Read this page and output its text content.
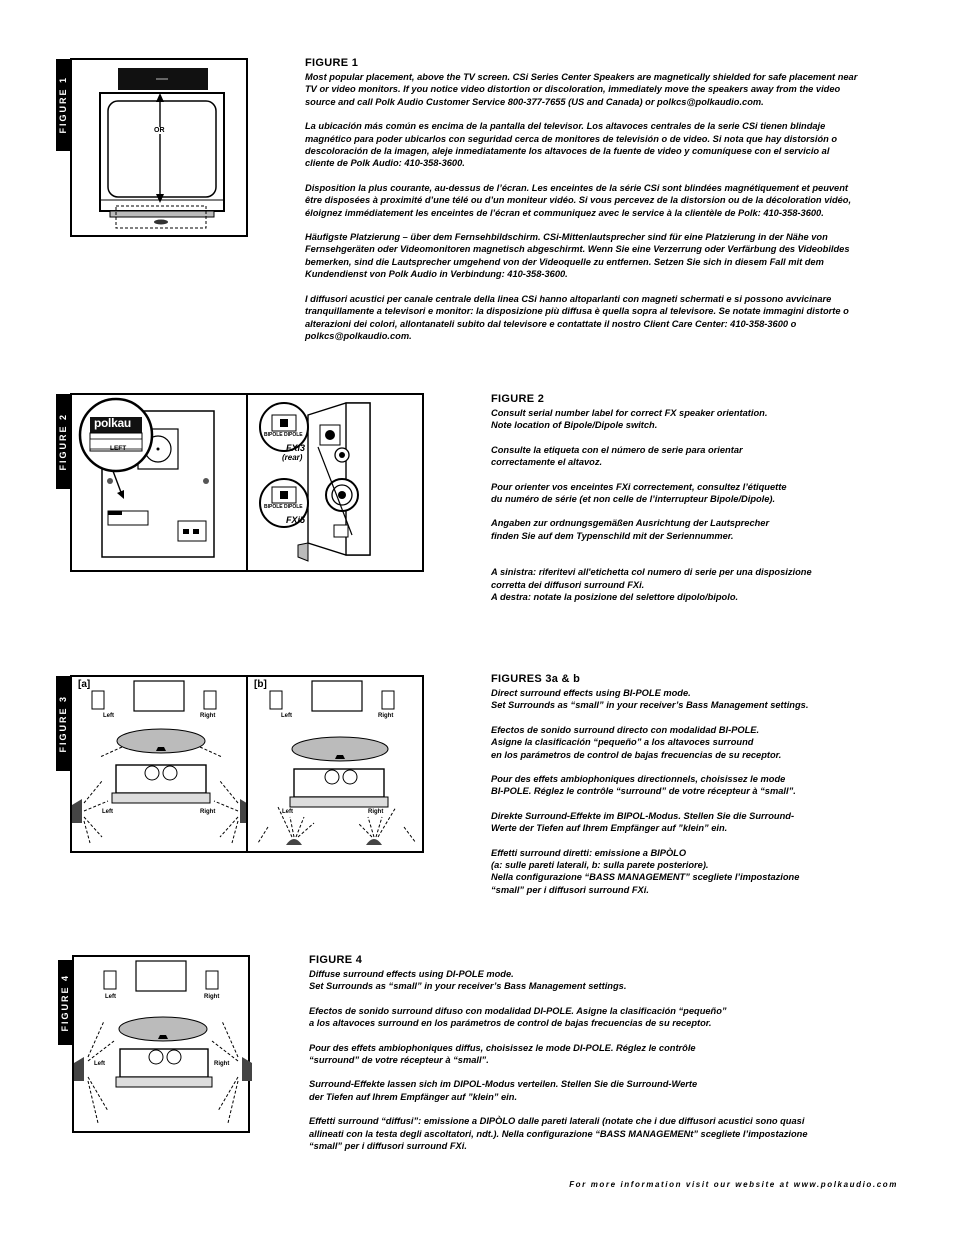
FIGURE 1	OR
FIGURE 1

Most popular placement, above the TV screen. CSi Series Center Speakers are magnetically shielded for safe placement near TV or video monitors. If you notice video distortion or discoloration, immediately move the speakers away from the video source and call Polk Audio Customer Service 800-377-7655 (US and Canada) or polkcs@polkaudio.com.

La ubicación más común es encima de la pantalla del televisor. Los altavoces centrales de la serie CSi tienen blindaje magnético para poder ubicarlos con seguridad cerca de monitores de televisión o de video. Si nota que hay distorsión o descoloración de la imagen, aleje inmediatamente los altavoces de la fuente de video y comuníquese con el servicio al cliente de Polk Audio: 410-358-3600.

Disposition la plus courante, au-dessus de l’écran. Les enceintes de la série CSi sont blindées magnétiquement et peuvent être disposées à proximité d’une télé ou d’un moniteur vidéo. Si vous percevez de la distorsion ou de la décoloration vidéo, éloignez immédiatement les enceintes de l’écran et communiquez avec le service à la clientèle de Polk: 410-358-3600.

Häufigste Platzierung – über dem Fernsehbildschirm. CSi-Mittenlautsprecher sind für eine Platzierung in der Nähe von Fernsehgeräten oder Videomonitoren magnetisch abgeschirmt. Wenn Sie eine Verzerrung oder Verfärbung des Videobildes bemerken, sind die Lautsprecher umgehend von der Videoquelle zu entfernen. Setzen Sie sich in diesem Fall mit dem Kundendienst von Polk Audio in Verbindung: 410-358-3600.

I diffusori acustici per canale centrale della linea CSi hanno altoparlanti con magneti schermati e si possono avvicinare tranquillamente a televisori e monitor: la disposizione più diffusa è quella sopra al televisore. Se notate immagini distorte o alterazioni dei colori, allontanateli subito dal televisore e contattate il nostro Client Care Center: 410-358-3600 o polkcs@polkaudio.com.

FIGURE 2 polkau
LEFT
BIPOLE DIPOLE
BIPOLE DIPOLE
FXi3
(rear)
FXi5
FIGURE 2

Consult serial number label for correct FX speaker orientation.
Note location of Bipole/Dipole switch.

Consulte la etiqueta con el número de serie para orientar
correctamente el altavoz.

Pour orienter vos enceintes FXi correctement, consultez l’étiquette
du numéro de série (et non celle de l’interrupteur Bipole/Dipole).

Angaben zur ordnungsgemäßen Ausrichtung der Lautsprecher
finden Sie auf dem Typenschild mit der Seriennummer.

A sinistra: riferitevi all'etichetta col numero di serie per una disposizione
corretta dei diffusori surround FXi.
A destra: notate la posizione del selettore dipolo/bipolo.

FIGURE 3
[a]
Left	Right
Left	Right
[b]
Left	Right
Left	Right
FIGURES 3a & b

Direct surround effects using BI-POLE mode.
Set Surrounds as “small” in your receiver’s Bass Management settings.

Efectos de sonido surround directo con modalidad BI-POLE.
Asigne la clasificación “pequeño” a los altavoces surround
en los parámetros de control de bajas frecuencias de su receptor.

Pour des effets ambiophoniques directionnels, choisissez le mode
BI-POLE. Réglez le contrôle “surround” de votre récepteur à “small”.

Direkte Surround-Effekte im BIPOL-Modus. Stellen Sie die Surround-
Werte der Tiefen auf Ihrem Empfänger auf ”klein” ein.

Effetti surround diretti: emissione a BIPÒLO
(a: sulle pareti laterali, b: sulla parete posteriore).
Nella configurazione “BASS MANAGEMENT” scegliete l’impostazione
“small” per i diffusori surround FXi.

FIGURE 4	Left	Right
Left	Right
FIGURE 4

Diffuse surround effects using DI-POLE mode.
Set Surrounds as “small” in your receiver’s Bass Management settings.

Efectos de sonido surround difuso con modalidad DI-POLE. Asigne la clasificación “pequeño”
a los altavoces surround en los parámetros de control de bajas frecuencias de su receptor.

Pour des effets ambiophoniques diffus, choisissez le mode DI-POLE. Réglez le contrôle
“surround” de votre récepteur à “small”.

Surround-Effekte lassen sich im DIPOL-Modus verteilen. Stellen Sie die Surround-Werte
der Tiefen auf Ihrem Empfänger auf ”klein” ein.

Effetti surround “diffusi”: emissione a DIPÒLO dalle pareti laterali (notate che i due diffusori acustici sono quasi
allineati con la testa degli ascoltatori, ndt.). Nella configurazione “BASS MANAGEMENt” scegliete l’impostazione
“small” per i diffusori surround FXi.

For more information visit our website at www.polkaudio.com
